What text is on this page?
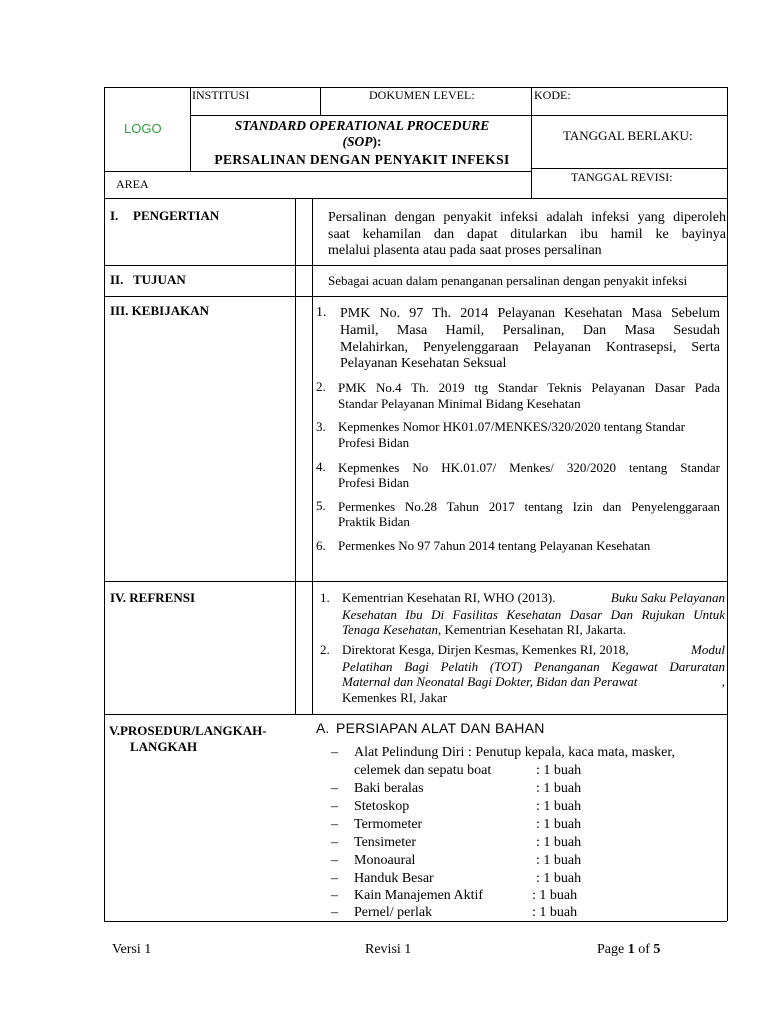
LOGO
INSTITUSI	DOKUMEN LEVEL:	KODE:
STANDARD OPERATIONAL PROCEDURE
(SOP):
PERSALINAN DENGAN PENYAKIT INFEKSI
TANGGAL BERLAKU:
AREA	TANGGAL REVISI:
I. PENGERTIAN	Persalinan dengan penyakit infeksi adalah infeksi yang diperoleh
saat kehamilan dan dapat ditularkan ibu hamil ke bayinya
melalui plasenta atau pada saat proses persalinan
II. TUJUAN	Sebagai acuan dalam penanganan persalinan dengan penyakit infeksi
III. KEBIJAKAN	1. PMK No. 97 Th. 2014 Pelayanan Kesehatan Masa Sebelum
Hamil, Masa Hamil, Persalinan, Dan Masa Sesudah
Melahirkan, Penyelenggaraan Pelayanan Kontrasepsi, Serta
Pelayanan Kesehatan Seksual
2. PMK No.4 Th. 2019 ttg Standar Teknis Pelayanan Dasar Pada
Standar Pelayanan Minimal Bidang Kesehatan
3. Kepmenkes Nomor HK01.07/MENKES/320/2020 tentang Standar
Profesi Bidan
4. Kepmenkes No HK.01.07/ Menkes/ 320/2020 tentang Standar
Profesi Bidan
5. Permenkes No.28 Tahun 2017 tentang Izin dan Penyelenggaraan
Praktik Bidan
6. Permenkes No 97 7ahun 2014 tentang Pelayanan Kesehatan
IV. REFRENSI	1. Kementrian Kesehatan RI, WHO (2013).	Buku Saku Pelayanan
Kesehatan Ibu Di Fasilitas Kesehatan Dasar Dan Rujukan Untuk
Tenaga Kesehatan, Kementrian Kesehatan RI, Jakarta.
2. Direktorat Kesga, Dirjen Kesmas, Kemenkes RI, 2018,	Modul
Pelatihan Bagi Pelatih (TOT) Penanganan Kegawat Daruratan
Maternal dan Neonatal Bagi Dokter, Bidan dan Perawat	,
Kemenkes RI, Jakar
V.PROSEDUR/LANGKAH-
LANGKAH
A. PERSIAPAN ALAT DAN BAHAN
– Alat Pelindung Diri : Penutup kepala, kaca mata, masker,
celemek dan sepatu boat	: 1 buah
– Baki beralas	: 1 buah
– Stetoskop	: 1 buah
– Termometer	: 1 buah
– Tensimeter	: 1 buah
– Monoaural	: 1 buah
– Handuk Besar	: 1 buah
– Kain Manajemen Aktif	: 1 buah
– Pernel/ perlak	: 1 buah
Versi 1	Revisi 1	Page 1 of 5
